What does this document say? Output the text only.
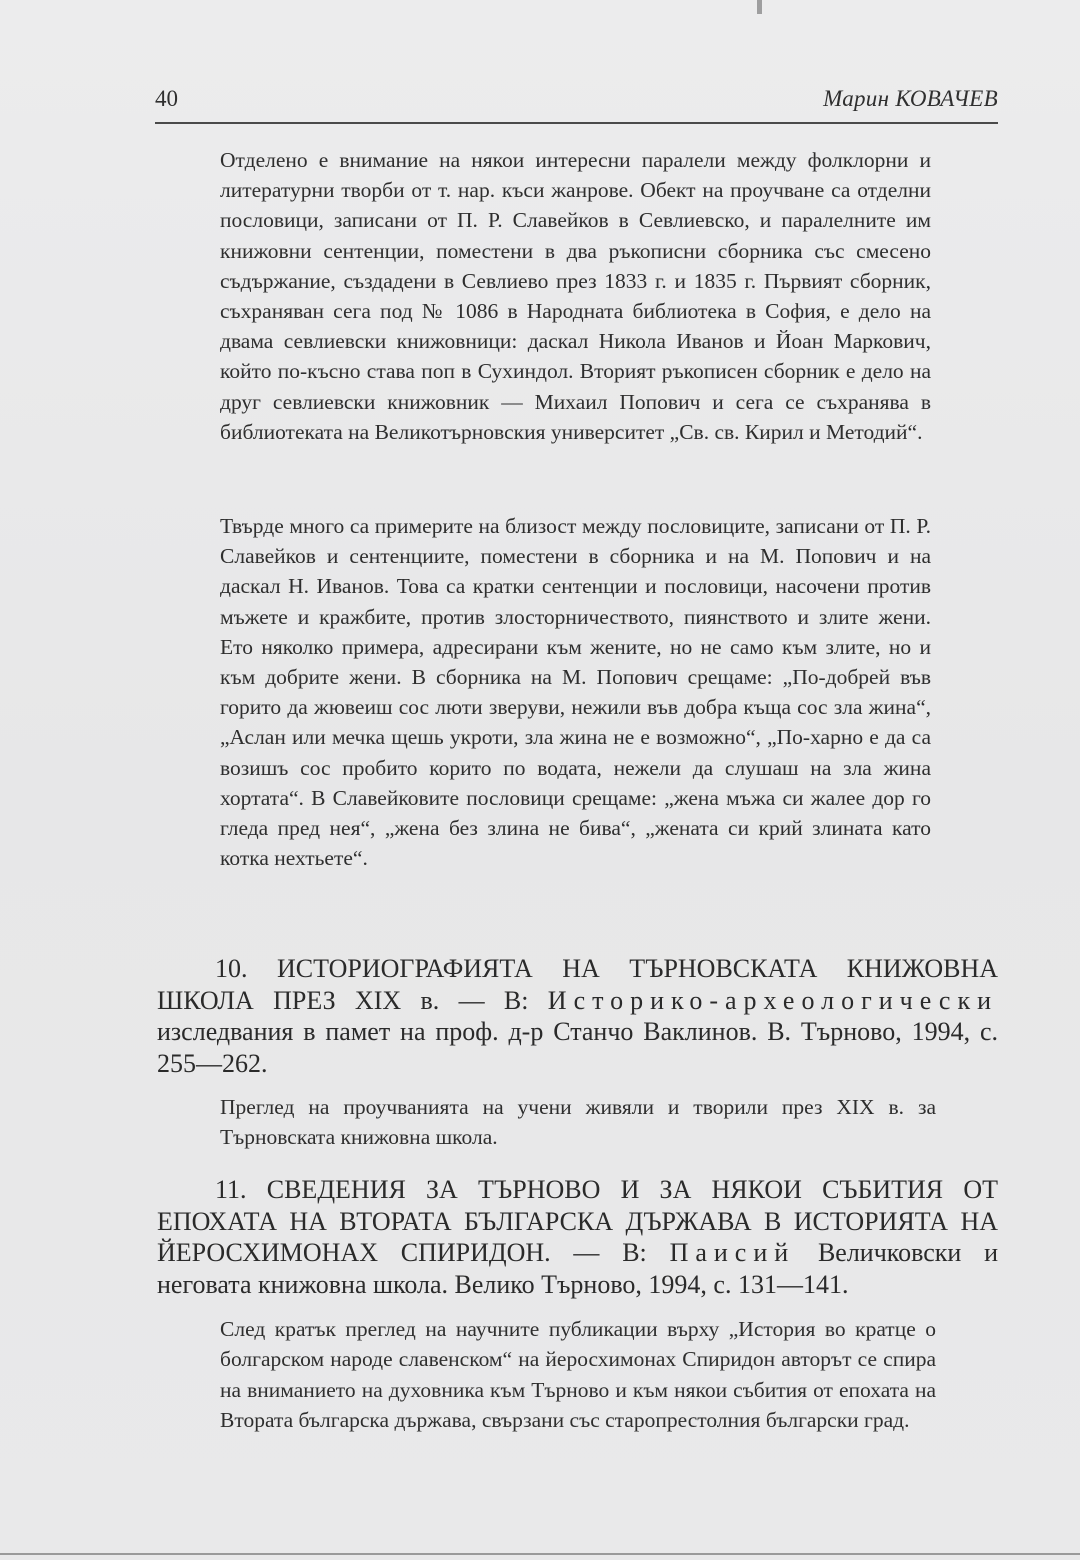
40	Марин КОВАЧЕВ

Отделено е внимание на някои интересни паралели между фолклорни и литературни творби от т. нар. къси жанрове. Обект на проучване са отделни пословици, записани от П. Р. Славейков в Севлиевско, и паралелните им книжовни сентенции, поместени в два ръкописни сборника със смесено съдържание, създадени в Севлиево през 1833 г. и 1835 г. Първият сборник, съхраняван сега под № 1086 в Народната библиотека в София, е дело на двама севлиевски книжовници: даскал Никола Иванов и Йоан Маркович, който по-късно става поп в Сухиндол. Вторият ръкописен сборник е дело на друг севлиевски книжовник — Михаил Попович и сега се съхранява в библиотеката на Великотърновския университет „Св. св. Кирил и Методий“.

Твърде много са примерите на близост между пословиците, записани от П. Р. Славейков и сентенциите, поместени в сборника и на М. Попович и на даскал Н. Иванов. Това са кратки сентенции и пословици, насочени против мъжете и кражбите, против злосторничеството, пиянството и злите жени. Ето няколко примера, адресирани към жените, но не само към злите, но и към добрите жени. В сборника на М. Попович срещаме: „По-добрей във горито да жювеиш сос люти зверуви, нежили във добра къща сос зла жина“, „Аслан или мечка щешь укроти, зла жина не е возможно“, „По-харно е да са возишъ сос пробито корито по водата, нежели да слушаш на зла жина хортата“. В Славейковите пословици срещаме: „жена мъжа си жалее дор го гледа пред нея“, „жена без злина не бива“, „жената си крий злината като котка нехтьете“.

10. ИСТОРИОГРАФИЯТА НА ТЪРНОВСКАТА КНИЖОВНА ШКОЛА ПРЕЗ XIX в. — В: Историко-археологически изследвания в памет на проф. д-р Станчо Ваклинов. В. Търново, 1994, с. 255—262.

Преглед на проучванията на учени живяли и творили през XIX в. за Търновската книжовна школа.

11. СВЕДЕНИЯ ЗА ТЪРНОВО И ЗА НЯКОИ СЪБИТИЯ ОТ ЕПОХАТА НА ВТОРАТА БЪЛГАРСКА ДЪРЖАВА В ИСТОРИЯТА НА ЙЕРОСХИМОНАХ СПИРИДОН. — В: Паисий Величковски и неговата книжовна школа. Велико Търново, 1994, с. 131—141.

След кратък преглед на научните публикации върху „История во кратце о болгарском народе славенском“ на йеросхимонах Спиридон авторът се спира на вниманието на духовника към Търново и към някои събития от епохата на Втората българска държава, свързани със старопрестолния български град.
